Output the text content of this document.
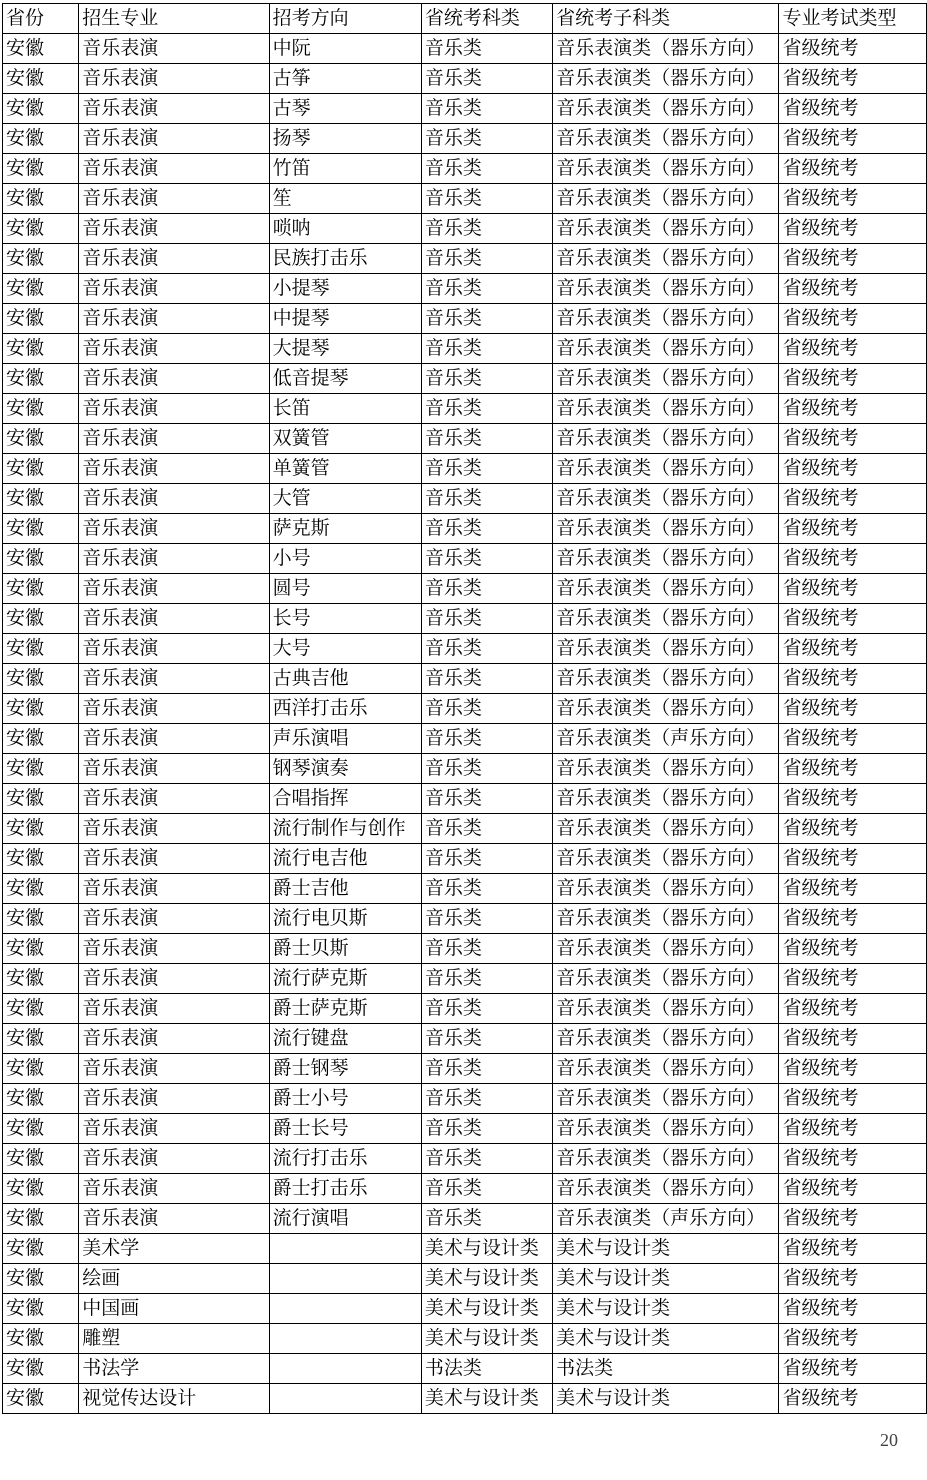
省份	招生专业	招考方向	省统考科类	省统考子科类	专业考试类型
安徽	音乐表演	中阮	音乐类	音乐表演类（器乐方向）	省级统考
安徽	音乐表演	古筝	音乐类	音乐表演类（器乐方向）	省级统考
安徽	音乐表演	古琴	音乐类	音乐表演类（器乐方向）	省级统考
安徽	音乐表演	扬琴	音乐类	音乐表演类（器乐方向）	省级统考
安徽	音乐表演	竹笛	音乐类	音乐表演类（器乐方向）	省级统考
安徽	音乐表演	笙	音乐类	音乐表演类（器乐方向）	省级统考
安徽	音乐表演	唢呐	音乐类	音乐表演类（器乐方向）	省级统考
安徽	音乐表演	民族打击乐	音乐类	音乐表演类（器乐方向）	省级统考
安徽	音乐表演	小提琴	音乐类	音乐表演类（器乐方向）	省级统考
安徽	音乐表演	中提琴	音乐类	音乐表演类（器乐方向）	省级统考
安徽	音乐表演	大提琴	音乐类	音乐表演类（器乐方向）	省级统考
安徽	音乐表演	低音提琴	音乐类	音乐表演类（器乐方向）	省级统考
安徽	音乐表演	长笛	音乐类	音乐表演类（器乐方向）	省级统考
安徽	音乐表演	双簧管	音乐类	音乐表演类（器乐方向）	省级统考
安徽	音乐表演	单簧管	音乐类	音乐表演类（器乐方向）	省级统考
安徽	音乐表演	大管	音乐类	音乐表演类（器乐方向）	省级统考
安徽	音乐表演	萨克斯	音乐类	音乐表演类（器乐方向）	省级统考
安徽	音乐表演	小号	音乐类	音乐表演类（器乐方向）	省级统考
安徽	音乐表演	圆号	音乐类	音乐表演类（器乐方向）	省级统考
安徽	音乐表演	长号	音乐类	音乐表演类（器乐方向）	省级统考
安徽	音乐表演	大号	音乐类	音乐表演类（器乐方向）	省级统考
安徽	音乐表演	古典吉他	音乐类	音乐表演类（器乐方向）	省级统考
安徽	音乐表演	西洋打击乐	音乐类	音乐表演类（器乐方向）	省级统考
安徽	音乐表演	声乐演唱	音乐类	音乐表演类（声乐方向）	省级统考
安徽	音乐表演	钢琴演奏	音乐类	音乐表演类（器乐方向）	省级统考
安徽	音乐表演	合唱指挥	音乐类	音乐表演类（器乐方向）	省级统考
安徽	音乐表演	流行制作与创作	音乐类	音乐表演类（器乐方向）	省级统考
安徽	音乐表演	流行电吉他	音乐类	音乐表演类（器乐方向）	省级统考
安徽	音乐表演	爵士吉他	音乐类	音乐表演类（器乐方向）	省级统考
安徽	音乐表演	流行电贝斯	音乐类	音乐表演类（器乐方向）	省级统考
安徽	音乐表演	爵士贝斯	音乐类	音乐表演类（器乐方向）	省级统考
安徽	音乐表演	流行萨克斯	音乐类	音乐表演类（器乐方向）	省级统考
安徽	音乐表演	爵士萨克斯	音乐类	音乐表演类（器乐方向）	省级统考
安徽	音乐表演	流行键盘	音乐类	音乐表演类（器乐方向）	省级统考
安徽	音乐表演	爵士钢琴	音乐类	音乐表演类（器乐方向）	省级统考
安徽	音乐表演	爵士小号	音乐类	音乐表演类（器乐方向）	省级统考
安徽	音乐表演	爵士长号	音乐类	音乐表演类（器乐方向）	省级统考
安徽	音乐表演	流行打击乐	音乐类	音乐表演类（器乐方向）	省级统考
安徽	音乐表演	爵士打击乐	音乐类	音乐表演类（器乐方向）	省级统考
安徽	音乐表演	流行演唱	音乐类	音乐表演类（声乐方向）	省级统考
安徽	美术学		美术与设计类	美术与设计类	省级统考
安徽	绘画		美术与设计类	美术与设计类	省级统考
安徽	中国画		美术与设计类	美术与设计类	省级统考
安徽	雕塑		美术与设计类	美术与设计类	省级统考
安徽	书法学		书法类	书法类	省级统考
安徽	视觉传达设计		美术与设计类	美术与设计类	省级统考
20
